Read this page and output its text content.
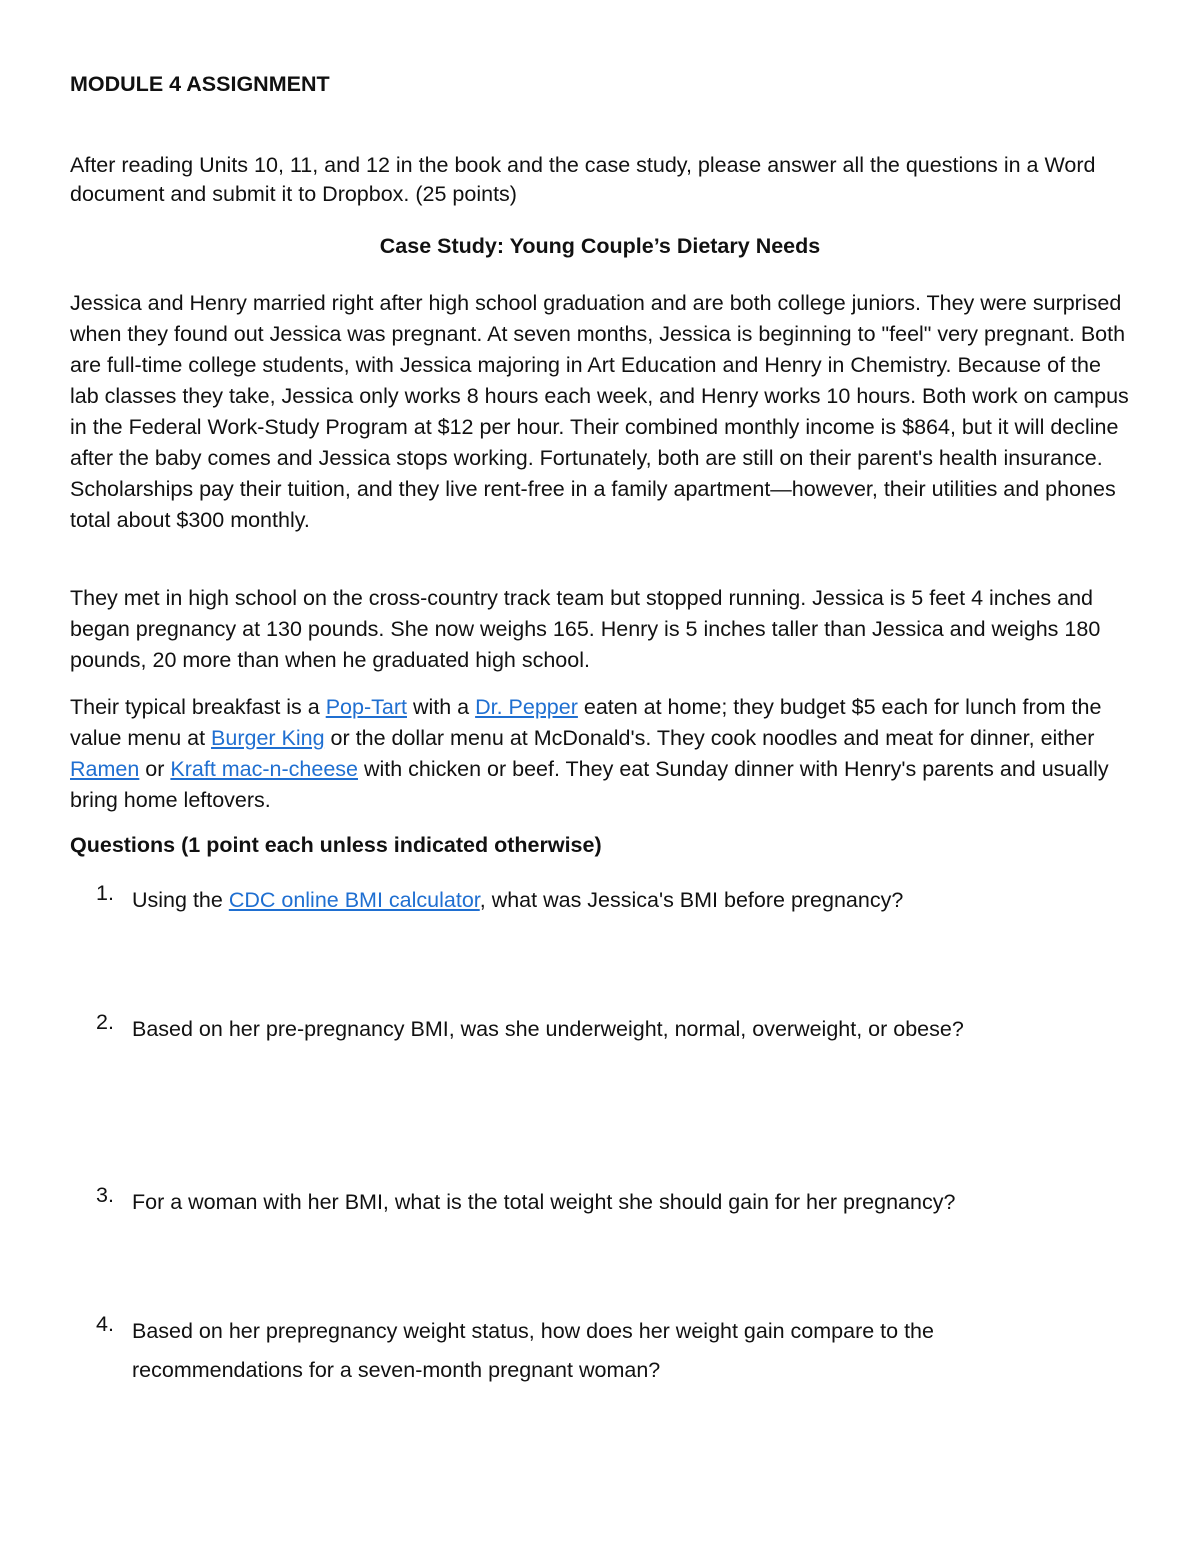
MODULE 4 ASSIGNMENT

After reading Units 10, 11, and 12 in the book and the case study, please answer all the questions in a Word document and submit it to Dropbox. (25 points)

Case Study: Young Couple’s Dietary Needs

Jessica and Henry married right after high school graduation and are both college juniors. They were surprised when they found out Jessica was pregnant. At seven months, Jessica is beginning to "feel" very pregnant. Both are full-time college students, with Jessica majoring in Art Education and Henry in Chemistry. Because of the lab classes they take, Jessica only works 8 hours each week, and Henry works 10 hours. Both work on campus in the Federal Work-Study Program at $12 per hour. Their combined monthly income is $864, but it will decline after the baby comes and Jessica stops working. Fortunately, both are still on their parent's health insurance. Scholarships pay their tuition, and they live rent-free in a family apartment—however, their utilities and phones total about $300 monthly.

They met in high school on the cross-country track team but stopped running. Jessica is 5 feet 4 inches and began pregnancy at 130 pounds. She now weighs 165. Henry is 5 inches taller than Jessica and weighs 180 pounds, 20 more than when he graduated high school.

Their typical breakfast is a Pop-Tart with a Dr. Pepper eaten at home; they budget $5 each for lunch from the value menu at Burger King or the dollar menu at McDonald's. They cook noodles and meat for dinner, either Ramen or Kraft mac-n-cheese with chicken or beef. They eat Sunday dinner with Henry's parents and usually bring home leftovers.

Questions (1 point each unless indicated otherwise)

1. Using the CDC online BMI calculator, what was Jessica's BMI before pregnancy?
2. Based on her pre-pregnancy BMI, was she underweight, normal, overweight, or obese?
3. For a woman with her BMI, what is the total weight she should gain for her pregnancy?
4. Based on her prepregnancy weight status, how does her weight gain compare to the recommendations for a seven-month pregnant woman?
